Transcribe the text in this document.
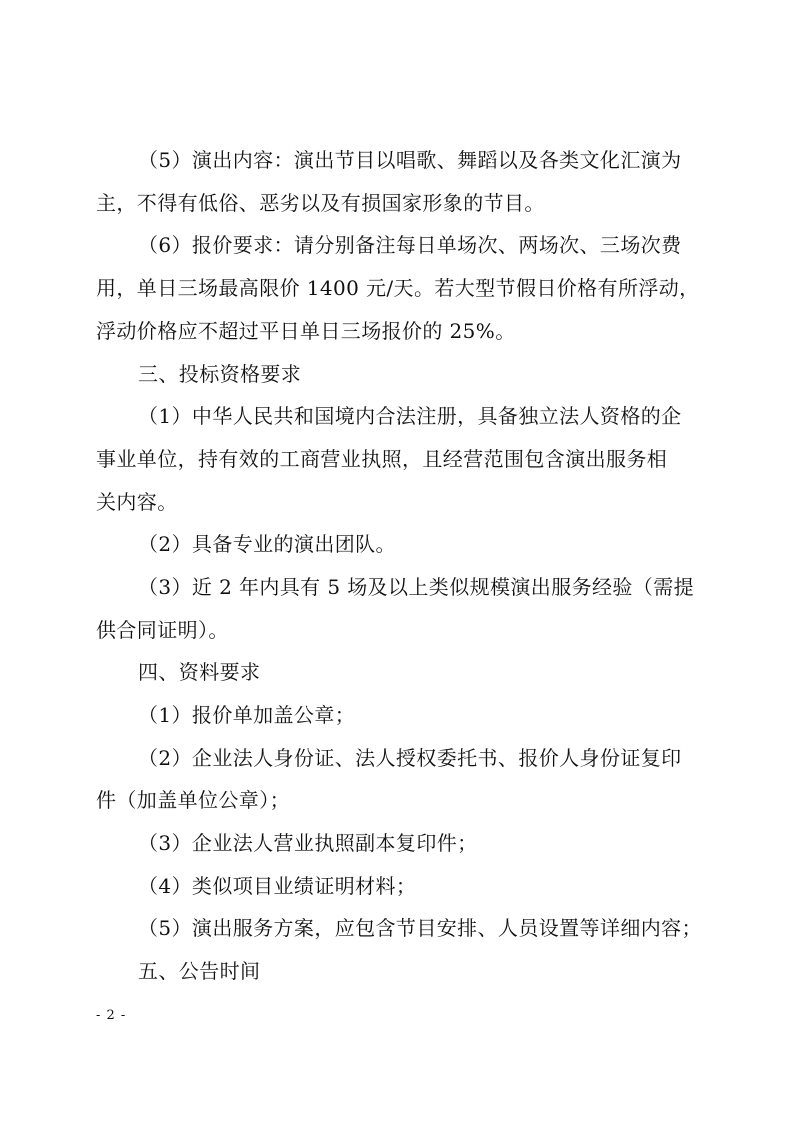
（5）演出内容：演出节目以唱歌、舞蹈以及各类文化汇演为
主，不得有低俗、恶劣以及有损国家形象的节目。
（6）报价要求：请分别备注每日单场次、两场次、三场次费
用，单日三场最高限价 1400 元/天。若大型节假日价格有所浮动，
浮动价格应不超过平日单日三场报价的 25%。
三、投标资格要求
（1）中华人民共和国境内合法注册，具备独立法人资格的企
事业单位，持有效的工商营业执照，且经营范围包含演出服务相
关内容。
（2）具备专业的演出团队。
（3）近 2 年内具有 5 场及以上类似规模演出服务经验（需提
供合同证明）。
四、资料要求
（1）报价单加盖公章；
（2）企业法人身份证、法人授权委托书、报价人身份证复印
件（加盖单位公章）；
（3）企业法人营业执照副本复印件；
（4）类似项目业绩证明材料；
（5）演出服务方案，应包含节目安排、人员设置等详细内容；
五、公告时间
- 2 -
